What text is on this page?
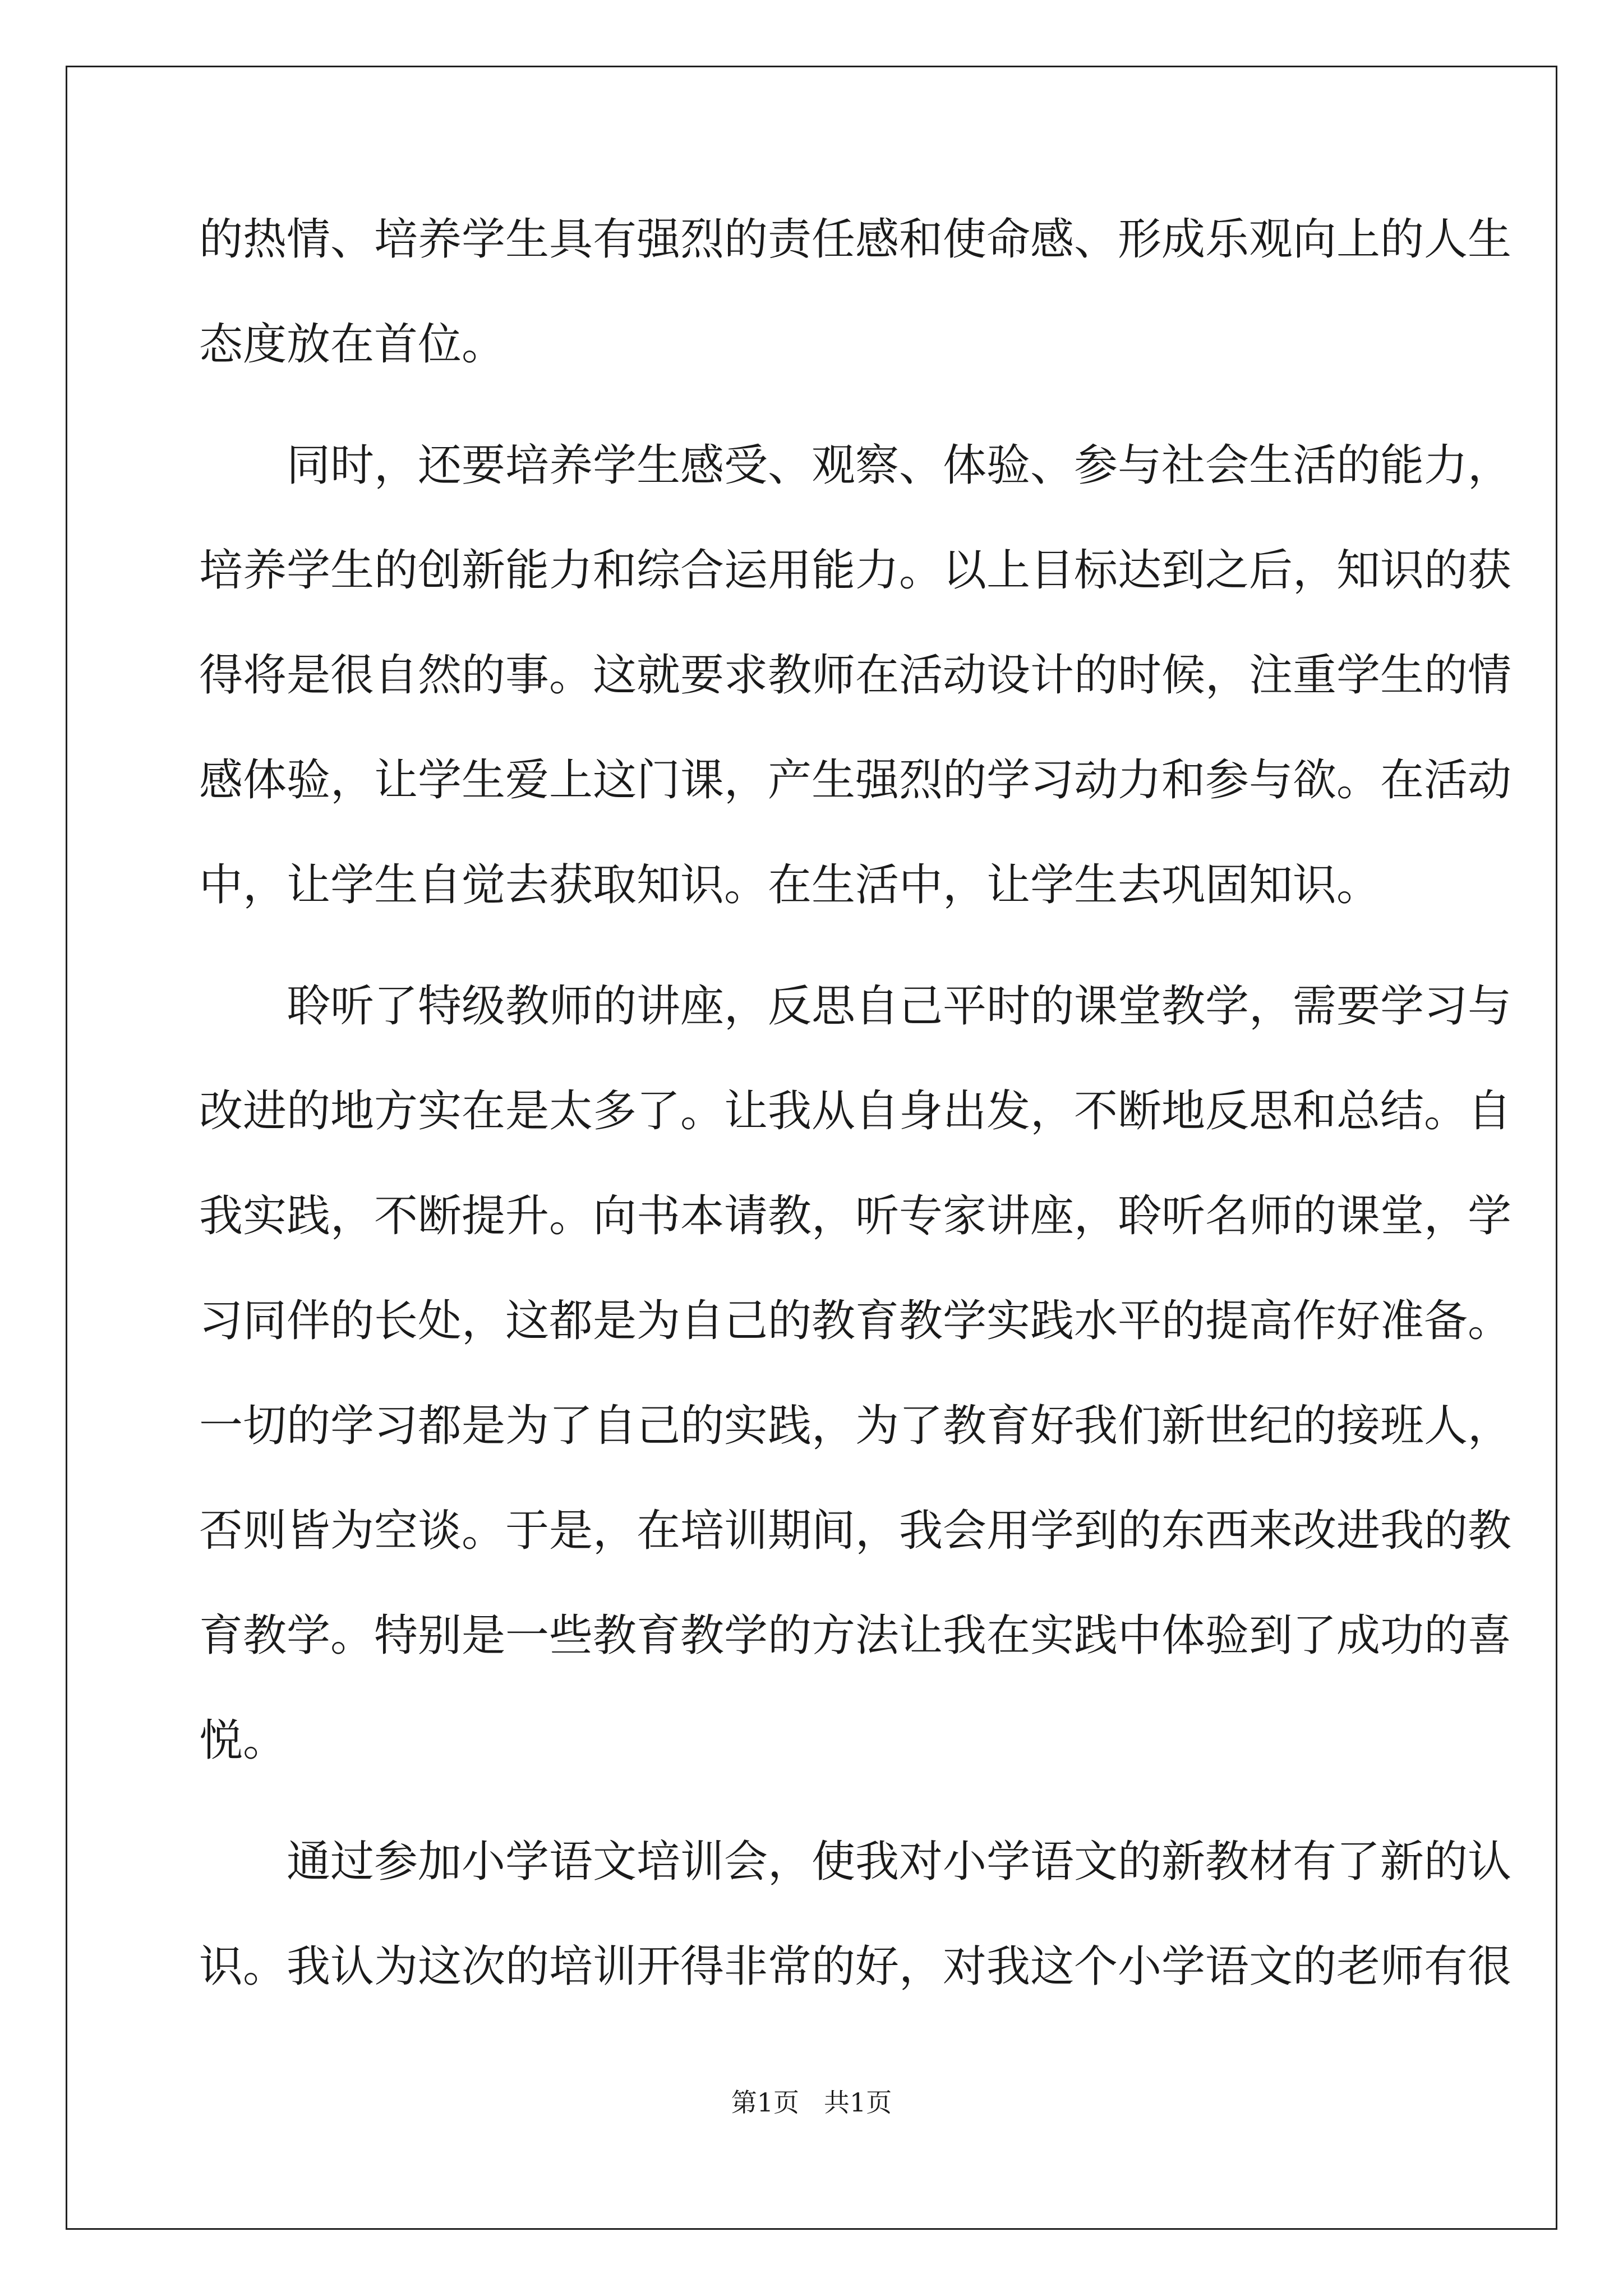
的热情、培养学生具有强烈的责任感和使命感、形成乐观向上的人生

态度放在首位。

同时，还要培养学生感受、观察、体验、参与社会生活的能力，

培养学生的创新能力和综合运用能力。以上目标达到之后，知识的获

得将是很自然的事。这就要求教师在活动设计的时候，注重学生的情

感体验，让学生爱上这门课，产生强烈的学习动力和参与欲。在活动

中，让学生自觉去获取知识。在生活中，让学生去巩固知识。

聆听了特级教师的讲座，反思自己平时的课堂教学，需要学习与

改进的地方实在是太多了。让我从自身出发，不断地反思和总结。自

我实践，不断提升。向书本请教，听专家讲座，聆听名师的课堂，学

习同伴的长处，这都是为自己的教育教学实践水平的提高作好准备。

一切的学习都是为了自己的实践，为了教育好我们新世纪的接班人，

否则皆为空谈。于是，在培训期间，我会用学到的东西来改进我的教

育教学。特别是一些教育教学的方法让我在实践中体验到了成功的喜

悦。

通过参加小学语文培训会，使我对小学语文的新教材有了新的认

识。我认为这次的培训开得非常的好，对我这个小学语文的老师有很

第1页 共1页
